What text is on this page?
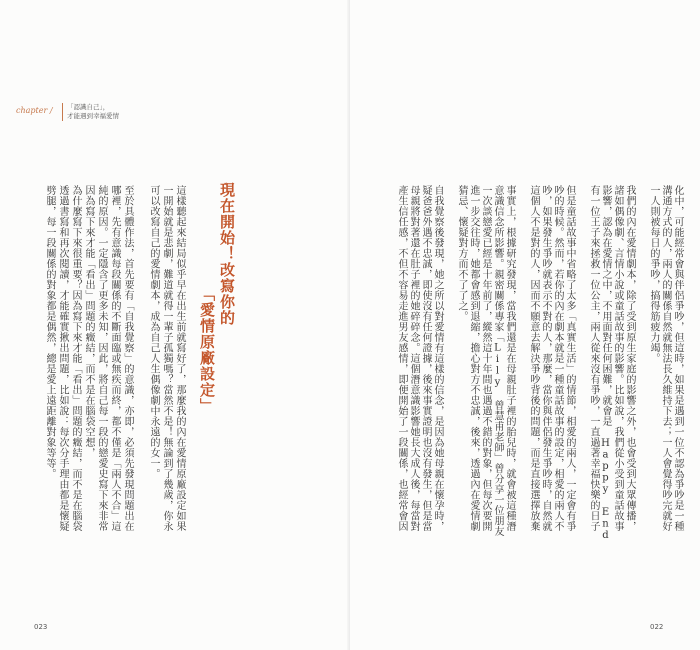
chapter / 「認識自己」，
才能遇到幸福愛情
這樣聽起來結局似乎早在出生前就寫好了，那麼我的內在愛情原廠設定如果
一開始就是悲劇，難道就得一輩子孤獨嗎？當然不是！無論到了幾歲，你永
可以改寫自己的愛情劇本，成為自己人生偶像劇中永遠的女一。
至於具體作法，首先要有「自我覺察」的意識，亦即，必須先發現問題出在
哪裡，先有意識每段關係的不斷面臨或無疾而終，都不僅是「兩人不合」這
純的原因。一定隱含了更多未知，因此，將自己每一段的戀愛史寫下來非常
因為寫下來才能「看出」問題的癥結，而不是在腦袋空想，
為什麼寫下來很重要？因為寫下來才能「看出」問題的癥結，而不是在腦袋
透過書寫和再次閱讀，才能確實揪出問題，比如說：每次分手理由都是懷疑
劈腿，每一段關係的對象都是偶然，總是愛上遠距離對象等等。	現在開始！改寫你的
「愛情原廠設定」
023
化中，可能經常會與伴侶爭吵，但這時，如果是遇到一位不認為爭吵是一種
溝通方式的人，兩人的關係自然就無法長久維持下去；一人會覺得吵完就好
一人則被每日的爭吵，搞得筋疲力竭。
我們的內在愛情劇本，除了受到原生家庭的影響之外，也會受到大眾傳播，
諸如偶像劇、言情小說或童話故事的影響。比如說，我們從小受到童話故事
影響，認為在愛情之中，不用面對任何困難，就會是 Happy End
有一位王子來拯救一位公主，兩人從來沒有爭吵，一直過著幸福快樂的日子
但是童話故事中省略了太多「真實生活」的情節，相愛的兩人，一定會有爭
吵的時候。然而，若你的內在劇本就是一種童話故事的設定，相愛的兩人不
吵，如果發生爭吵就表示不對的人，那麼，當你與伴侶發生爭吵時，自然就
這個人不是對的人，因而不願意去解決爭吵背後的問題，而是直接選擇放棄
事實上，根據研究發現，當我們還是在母親肚子裡的胎兒時，就會被這種潛
意識信念所影響。親密關係專家「Lily 曾慧甫老師」曾分享一位朋友
一次談戀愛已經是十年前了，縱然這十年間也遇過不錯的對象，但每次要開
進一步交往時，她都會感到退縮，擔心對方不忠誠，後來，透過內在愛情劇
猜忌、懷疑對方而不了了之。
自我覺察後發現，她之所以對愛情有這樣的信念，是因為她母親在懷孕時，
疑爸爸外遇不忠誠，即使沒有任何證據，後來事實證明也沒有發生，但是當
母親將對著還在肚子裡的她碎碎念。這個潛意識影響她長大成人後，每當對
產生信任感，不但不容易走進男友感情，即便開始了一段關係，也經常會因
022
